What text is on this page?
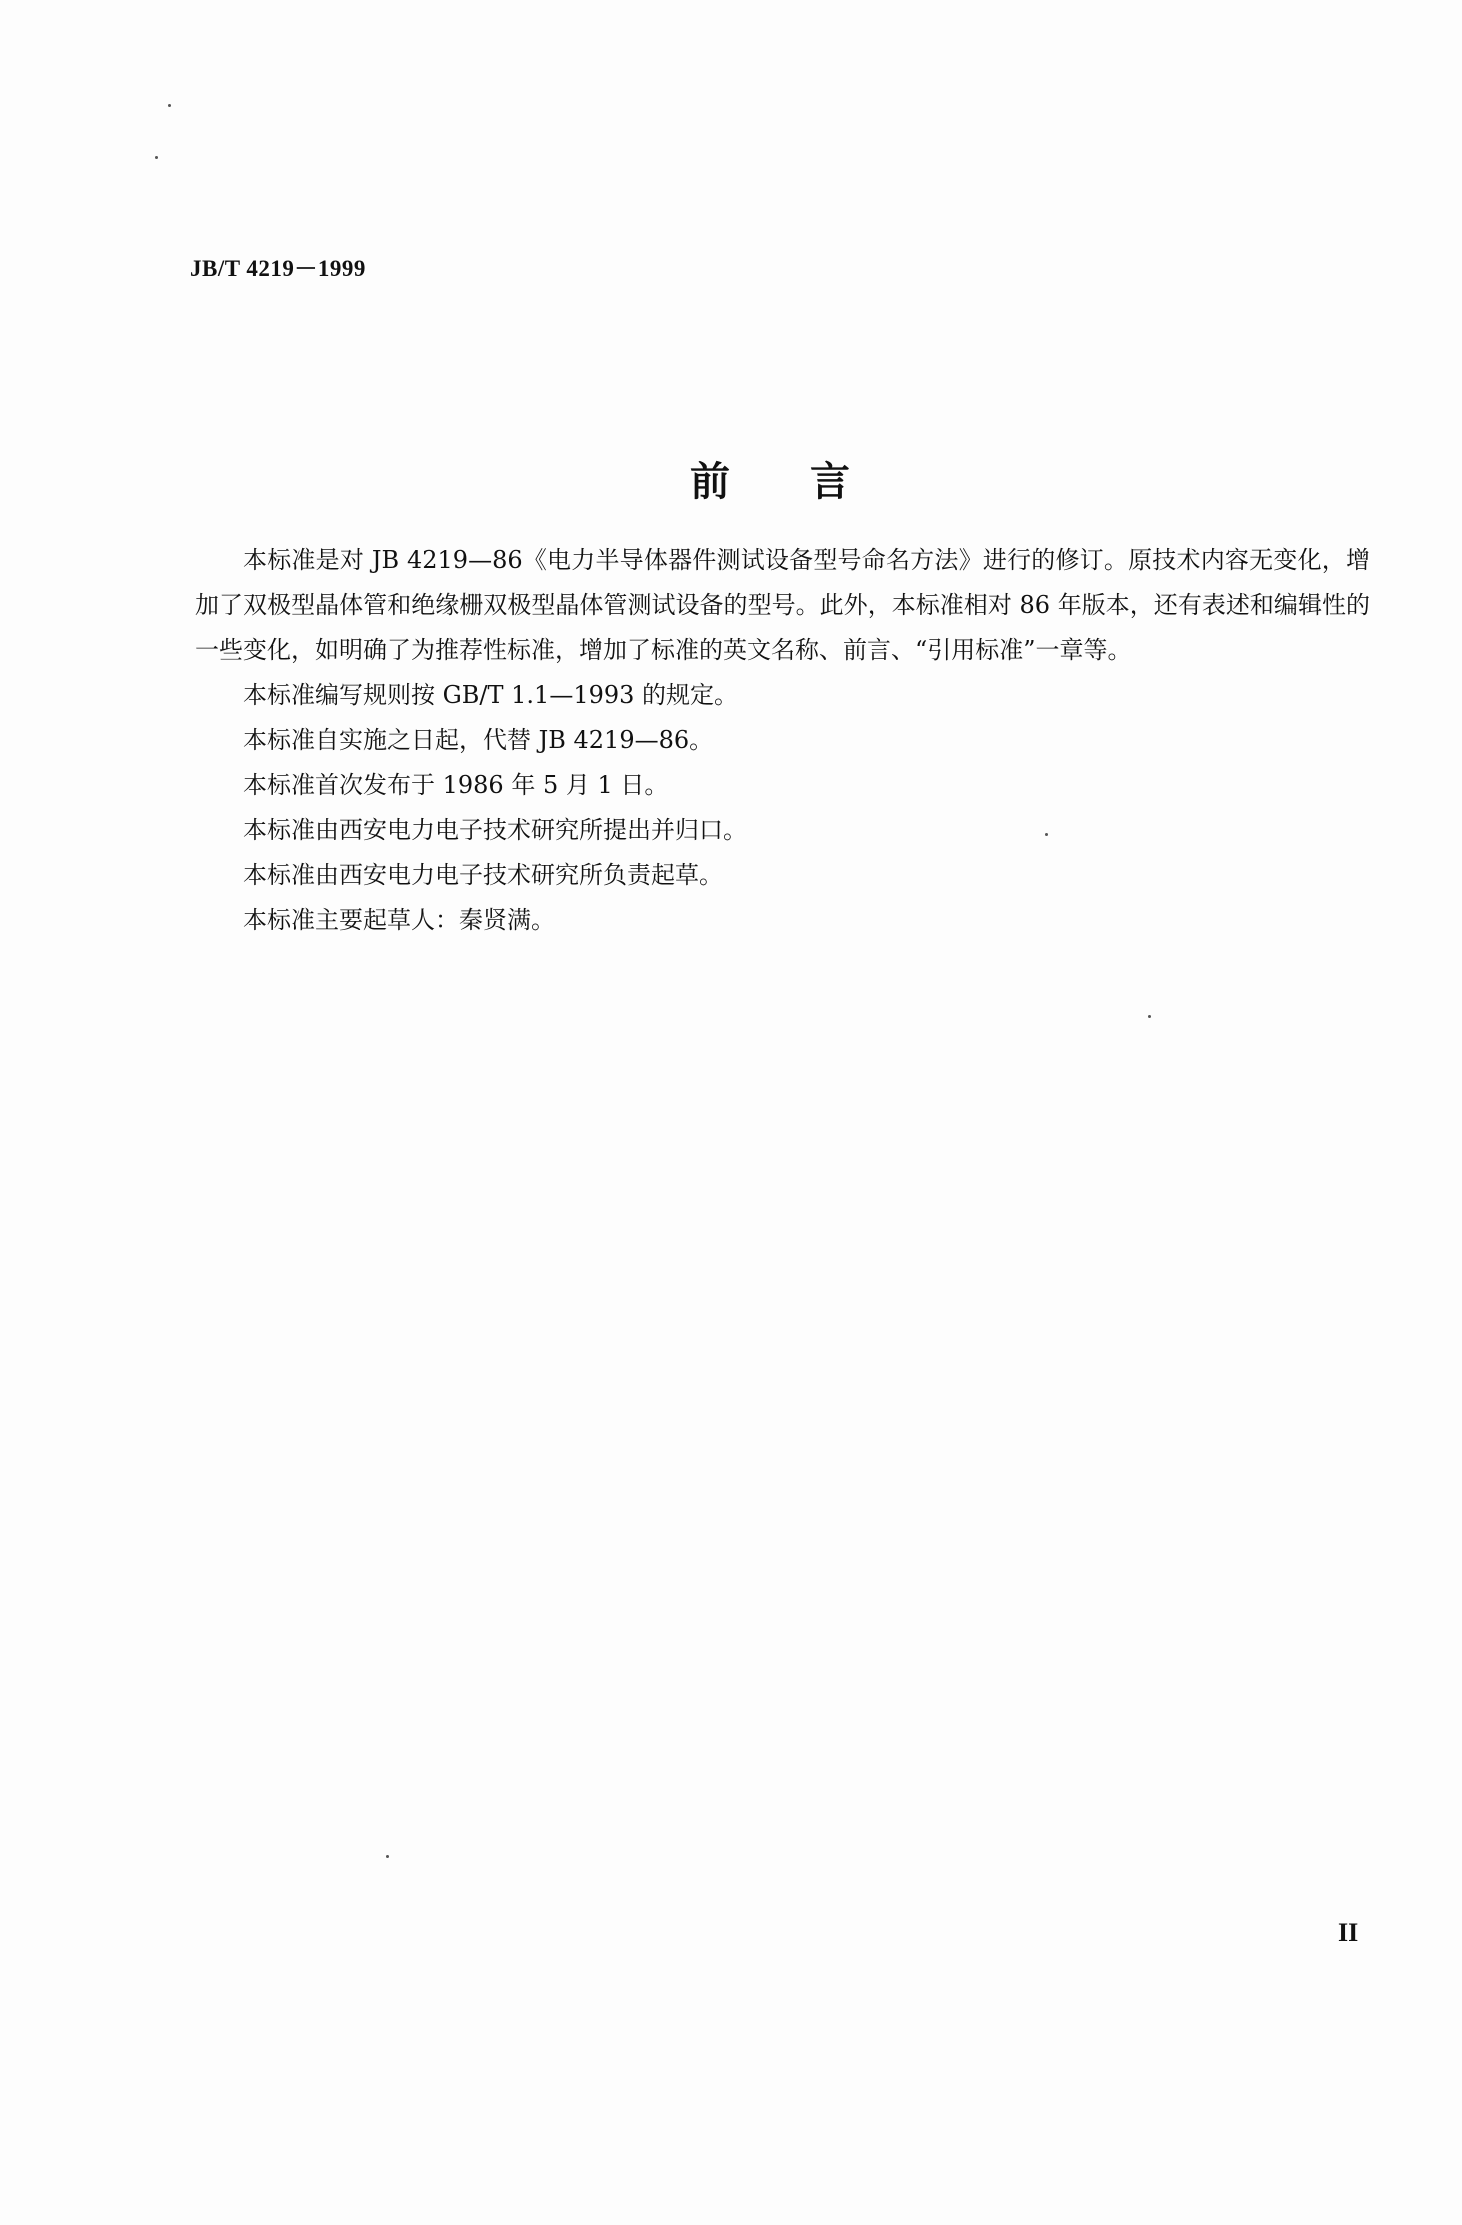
JB/T 4219－1999
前言

本标准是对 JB 4219—86《电力半导体器件测试设备型号命名方法》进行的修订。原技术内容无变化，增加了双极型晶体管和绝缘栅双极型晶体管测试设备的型号。此外，本标准相对 86 年版本，还有表述和编辑性的一些变化，如明确了为推荐性标准，增加了标准的英文名称、前言、“引用标准”一章等。

本标准编写规则按 GB/T 1.1—1993 的规定。

本标准自实施之日起，代替 JB 4219—86。

本标准首次发布于 1986 年 5 月 1 日。

本标准由西安电力电子技术研究所提出并归口。

本标准由西安电力电子技术研究所负责起草。

本标准主要起草人：秦贤满。

II
